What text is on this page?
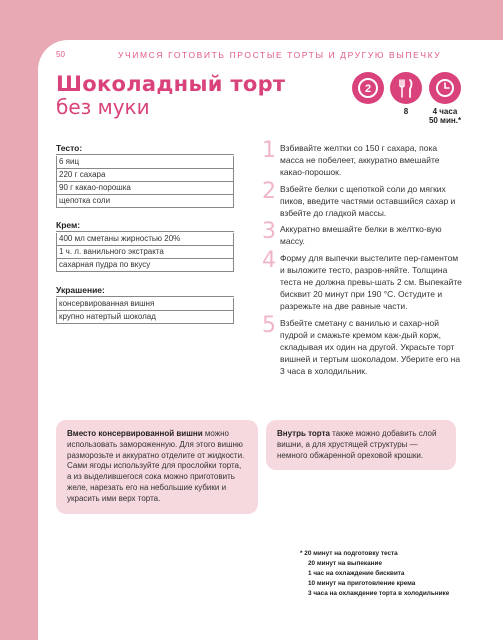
50	УЧИМСЯ ГОТОВИТЬ ПРОСТЫЕ ТОРТЫ И ДРУГУЮ ВЫПЕЧКУ
Шоколадный торт
без муки
2
8	4 часа
50 мин.*
Тесто:
6 яиц
220 г сахара
90 г какао-порошка
щепотка соли
Крем:
400 мл сметаны жирностью 20%
1 ч. л. ванильного экстракта
сахарная пудра по вкусу
Украшение:
консервированная вишня
крупно натертый шоколад
1 Взбивайте желтки со 150 г сахара, пока масса не побелеет, аккуратно вмешайте какао-порошок.
2 Взбейте белки с щепоткой соли до мягких пиков, введите частями оставшийся сахар и взбейте до гладкой массы.
3 Аккуратно вмешайте белки в желтко-вую массу.
4 Форму для выпечки выстелите пер-гаментом и выложите тесто, разров-няйте. Толщина теста не должна превы-шать 2 см. Выпекайте бисквит 20 минут при 190 °С. Остудите и разрежьте на две равные части.
5 Взбейте сметану с ванилью и сахар-ной пудрой и смажьте кремом каж-дый корж, складывая их один на другой. Украсьте торт вишней и тертым шоколадом. Уберите его на 3 часа в холодильник.
Вместо консервированной вишни можно использовать замороженную. Для этого вишню разморозьте и аккуратно отделите от жидкости. Сами ягоды используйте для прослойки торта, а из выделившегося сока можно приготовить желе, нарезать его на небольшие кубики и украсить ими верх торта.
Внутрь торта также можно добавить слой вишни, а для хрустящей структуры — немного обжаренной ореховой крошки.
* 20 минут на подготовку теста
20 минут на выпекание
1 час на охлаждение бисквита
10 минут на приготовление крема
3 часа на охлаждение торта в холодильнике
